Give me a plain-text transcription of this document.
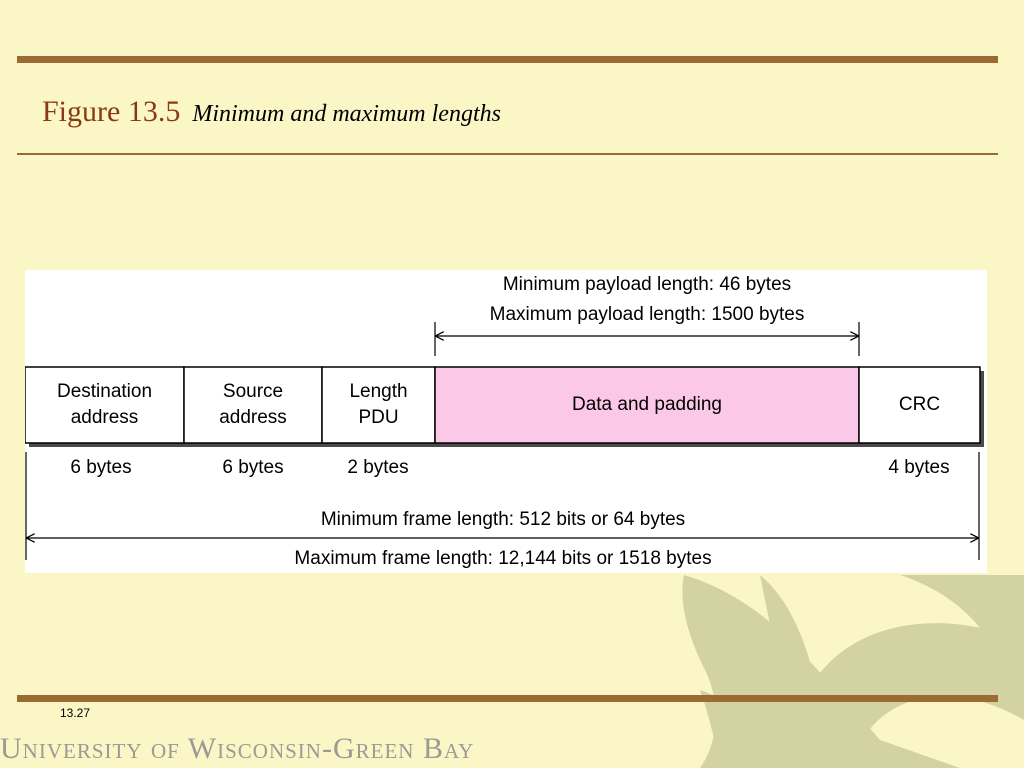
Figure 13.5 Minimum and maximum lengths
Minimum payload length: 46 bytes
Maximum payload length: 1500 bytes
Destination
address
Source
address
Length
PDU
Data and padding	CRC
6 bytes	6 bytes	2 bytes	4 bytes
Minimum frame length: 512 bits or 64 bytes
Maximum frame length: 12,144 bits or 1518 bytes
13.27
University of Wisconsin-Green Bay
